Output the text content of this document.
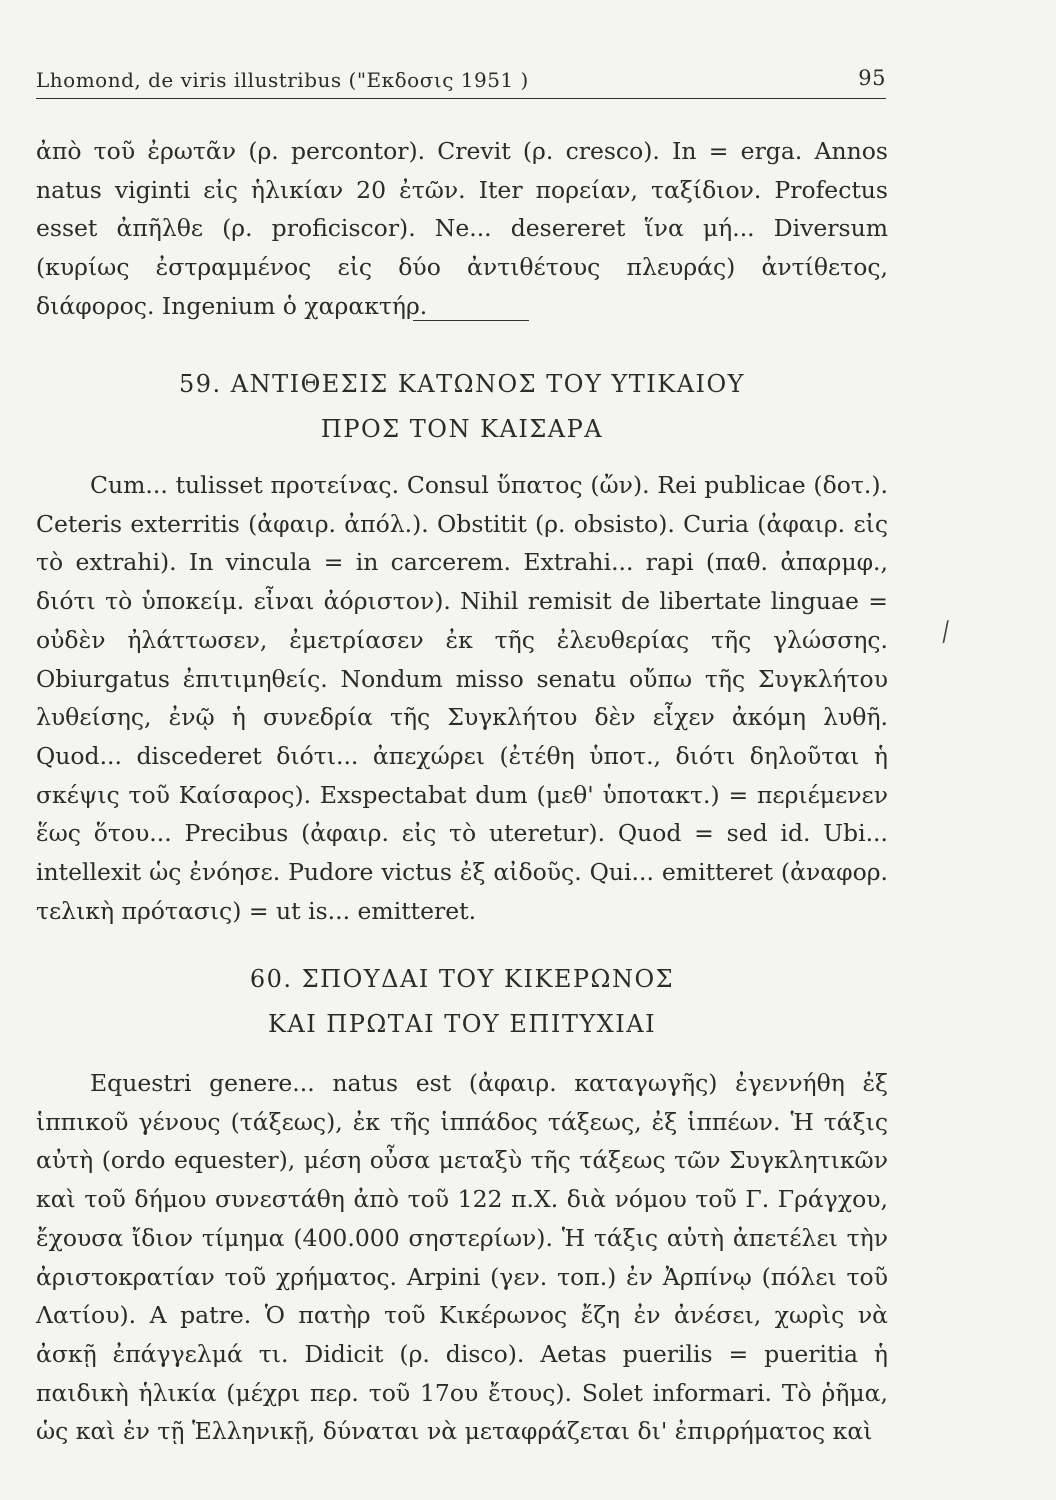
Lhomond, de viris illustribus ("Εκδοσις 1951 )	95

ἀπὸ τοῦ ἐρωτᾶν (ρ. percontor). Crevit (ρ. cresco). In = erga. Annos natus viginti εἰς ἡλικίαν 20 ἐτῶν. Iter πορείαν, ταξίδιον. Profectus esset ἀπῆλθε (ρ. proficiscor). Ne... desereret ἵνα μή... Diversum (κυρίως ἐστραμμένος εἰς δύο ἀντιθέτους πλευράς) ἀντίθετος, διάφορος. Ingenium ὁ χαρακτήρ.

59. ΑΝΤΙΘΕΣΙΣ ΚΑΤΩΝΟΣ ΤΟΥ ΥΤΙΚΑΙΟΥ
ΠΡΟΣ ΤΟΝ ΚΑΙΣΑΡΑ

Cum... tulisset προτείνας. Consul ὕπατος (ὤν). Rei publicae (δοτ.). Ceteris exterritis (ἀφαιρ. ἀπόλ.). Obstitit (ρ. obsisto). Curia (ἀφαιρ. εἰς τὸ extrahi). In vincula = in carcerem. Extrahi... rapi (παθ. ἀπαρμφ., διότι τὸ ὑποκείμ. εἶναι ἀόριστον). Nihil remisit de libertate linguae = οὐδὲν ἠλάττωσεν, ἐμετρίασεν ἐκ τῆς ἐλευθερίας τῆς γλώσσης. Obiurgatus ἐπιτιμηθείς. Nondum misso senatu οὔπω τῆς Συγκλήτου λυθείσης, ἐνῷ ἡ συνεδρία τῆς Συγκλήτου δὲν εἶχεν ἀκόμη λυθῆ. Quod... discederet διότι... ἀπεχώρει (ἐτέθη ὑποτ., διότι δηλοῦται ἡ σκέψις τοῦ Καίσαρος). Exspectabat dum (μεθ' ὑποτακτ.) = περιέμενεν ἕως ὅτου... Precibus (ἀφαιρ. εἰς τὸ uteretur). Quod = sed id. Ubi... intellexit ὡς ἐνόησε. Pudore victus ἐξ αἰδοῦς. Qui... emitteret (ἀναφορ. τελικὴ πρότασις) = ut is... emitteret.

⁄
60. ΣΠΟΥΔΑΙ ΤΟΥ ΚΙΚΕΡΩΝΟΣ
ΚΑΙ ΠΡΩΤΑΙ ΤΟΥ ΕΠΙΤΥΧΙΑΙ

Equestri genere... natus est (ἀφαιρ. καταγωγῆς) ἐγεννήθη ἐξ ἱππικοῦ γένους (τάξεως), ἐκ τῆς ἱππάδος τάξεως, ἐξ ἱππέων. Ἡ τάξις αὐτὴ (ordo equester), μέση οὖσα μεταξὺ τῆς τάξεως τῶν Συγκλητικῶν καὶ τοῦ δήμου συνεστάθη ἀπὸ τοῦ 122 π.Χ. διὰ νόμου τοῦ Γ. Γράγχου, ἔχουσα ἴδιον τίμημα (400.000 σηστερίων). Ἡ τάξις αὐτὴ ἀπετέλει τὴν ἀριστοκρατίαν τοῦ χρήματος. Arpini (γεν. τοπ.) ἐν Ἀρπίνῳ (πόλει τοῦ Λατίου). A patre. Ὁ πατὴρ τοῦ Κικέρωνος ἔζη ἐν ἀνέσει, χωρὶς νὰ ἀσκῇ ἐπάγγελμά τι. Didicit (ρ. disco). Aetas puerilis = pueritia ἡ παιδικὴ ἡλικία (μέχρι περ. τοῦ 17ου ἔτους). Solet informari. Τὸ ῥῆμα, ὡς καὶ ἐν τῇ Ἑλληνικῇ, δύναται νὰ μεταφράζεται δι' ἐπιρρήματος καὶ
